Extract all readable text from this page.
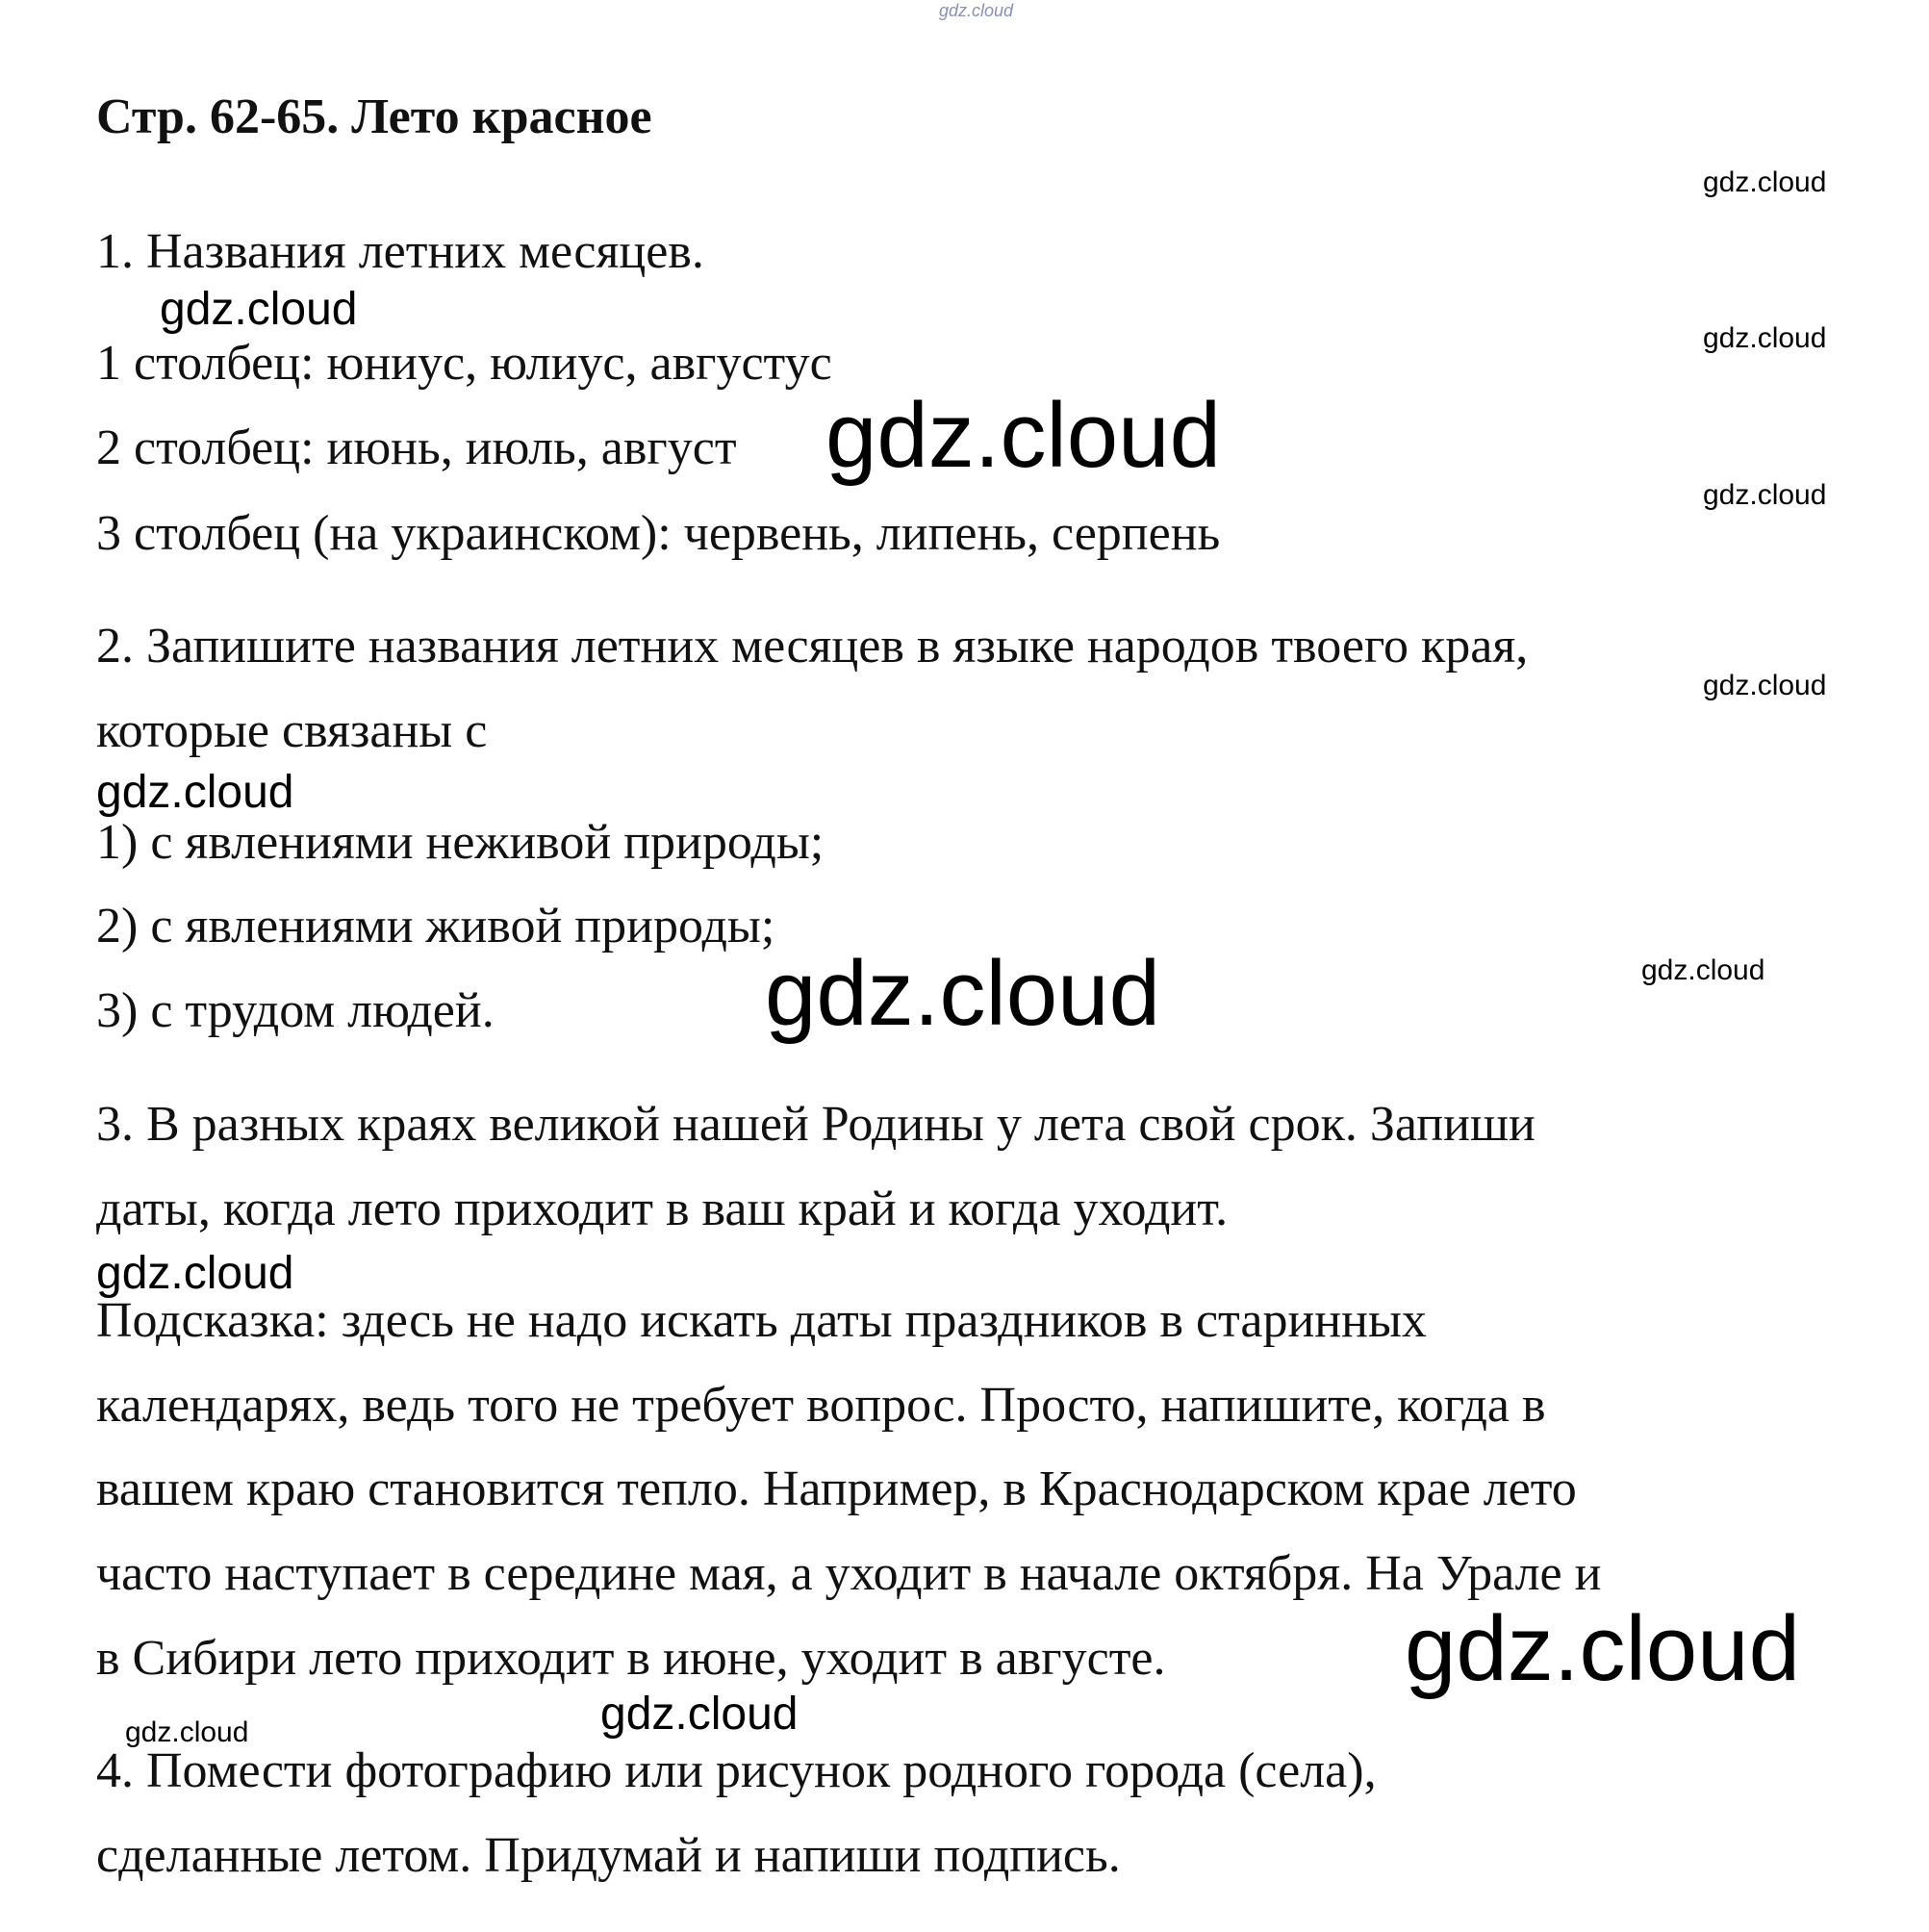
gdz.cloud
Стр. 62-65. Лето красное
1. Названия летних месяцев.
1 столбец: юниус, юлиус, августус
2 столбец: июнь, июль, август
3 столбец (на украинском): червень, липень, серпень
2. Запишите названия летних месяцев в языке народов твоего края,
которые связаны с
1) с явлениями неживой природы;
2) с явлениями живой природы;
3) с трудом людей.
3. В разных краях великой нашей Родины у лета свой срок. Запиши
даты, когда лето приходит в ваш край и когда уходит.
Подсказка: здесь не надо искать даты праздников в старинных
календарях, ведь того не требует вопрос. Просто, напишите, когда в
вашем краю становится тепло. Например, в Краснодарском крае лето
часто наступает в середине мая, а уходит в начале октября. На Урале и
в Сибири лето приходит в июне, уходит в августе.
4. Помести фотографию или рисунок родного города (села),
сделанные летом. Придумай и напиши подпись.
gdz.cloud
gdz.cloud
gdz.cloud
gdz.cloud
gdz.cloud
gdz.cloud
gdz.cloud
gdz.cloud
gdz.cloud
gdz.cloud
gdz.cloud
gdz.cloud
gdz.cloud
